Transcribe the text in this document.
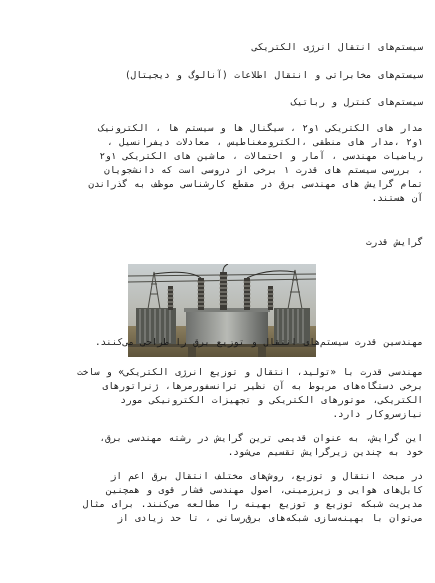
سیستم‌های انتقال انرژی الکتریکی
سیستم‌های مخابراتی و انتقال اطلاعات (آنالوگ و دیجیتال)
سیستم‌های کنترل و رباتیک
مدار های الکتریکی ۱و۲ ، سیگنال ها و سیستم ها ، الکترونیک
۱و۲ ،مدار های منطقی ،الکترومغناطیس ، معادلات دیفرانسیل ،
ریاضیات مهندسی ، آمار و احتمالات ، ماشین های الکتریکی ۱و۲
، بررسی سیستم های قدرت ۱ برخی از دروسی است که دانشجویان
تمام گرایش های مهندسی برق در مقطع کارشناسی موظف به گذراندن
آن هستند.
گرایش قدرت
مهندسین قدرت سیستم‌های انتقال و توزیع برق را طراحی می‌کنند.
مهندسی قدرت با «تولید، انتقال و توزیع انرژی الکتریکی» و ساخت
برخی دستگاه‌های مربوط به آن نظیر ترانسفورمرها، ژنراتورهای
الکتریکی، موتورهای الکتریکی و تجهیزات الکترونیکی مورد
نیازسروکار دارد.
این گرایش، به عنوان قدیمی ترین گرایش در رشته مهندسی برق،
خود به چندین زیرگرایش تقسیم می‌شود.
در مبحث انتقال و توزیع، روش‌های مختلف انتقال برق اعم از
کابل‌های هوایی و زیرزمینی، اصول مهندسی فشار قوی و همچنین
مدیریت شبکه توزیع و توزیع بهینه را مطالعه می‌کنند. برای مثال
می‌توان با بهینه‌سازی شبکه‌های برق‌رسانی ، تا حد زیادی از
